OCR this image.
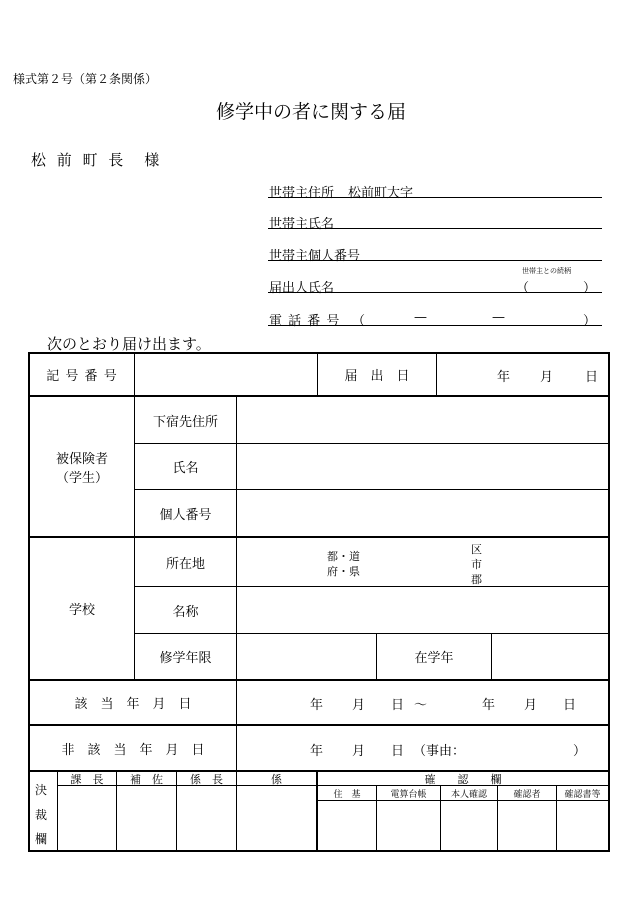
様式第２号（第２条関係）
修学中の者に関する届
松 前 町 長　様
世帯主住所 松前町大字
世帯主氏名
世帯主個人番号
世帯主との続柄
届出人氏名	（	）
電 話 番 号 （	—	—	）
次のとおり届け出ます。
記 号 番 号	届　出　日	年 月 日
被保険者
（学生）
下宿先住所
氏名
個人番号
学校
所在地	都・道
府・県
区
市
郡
名称
修学年限	在学年
該　当　年　月　日	年 月 日 〜	年 月 日
非　該　当　年　月　日	年 月 日 （事由：	）
決
裁
欄
課　長	補　佐	係　長	係	確　　認　　欄
住　基	電算台帳	本人確認	確認者	確認書等
